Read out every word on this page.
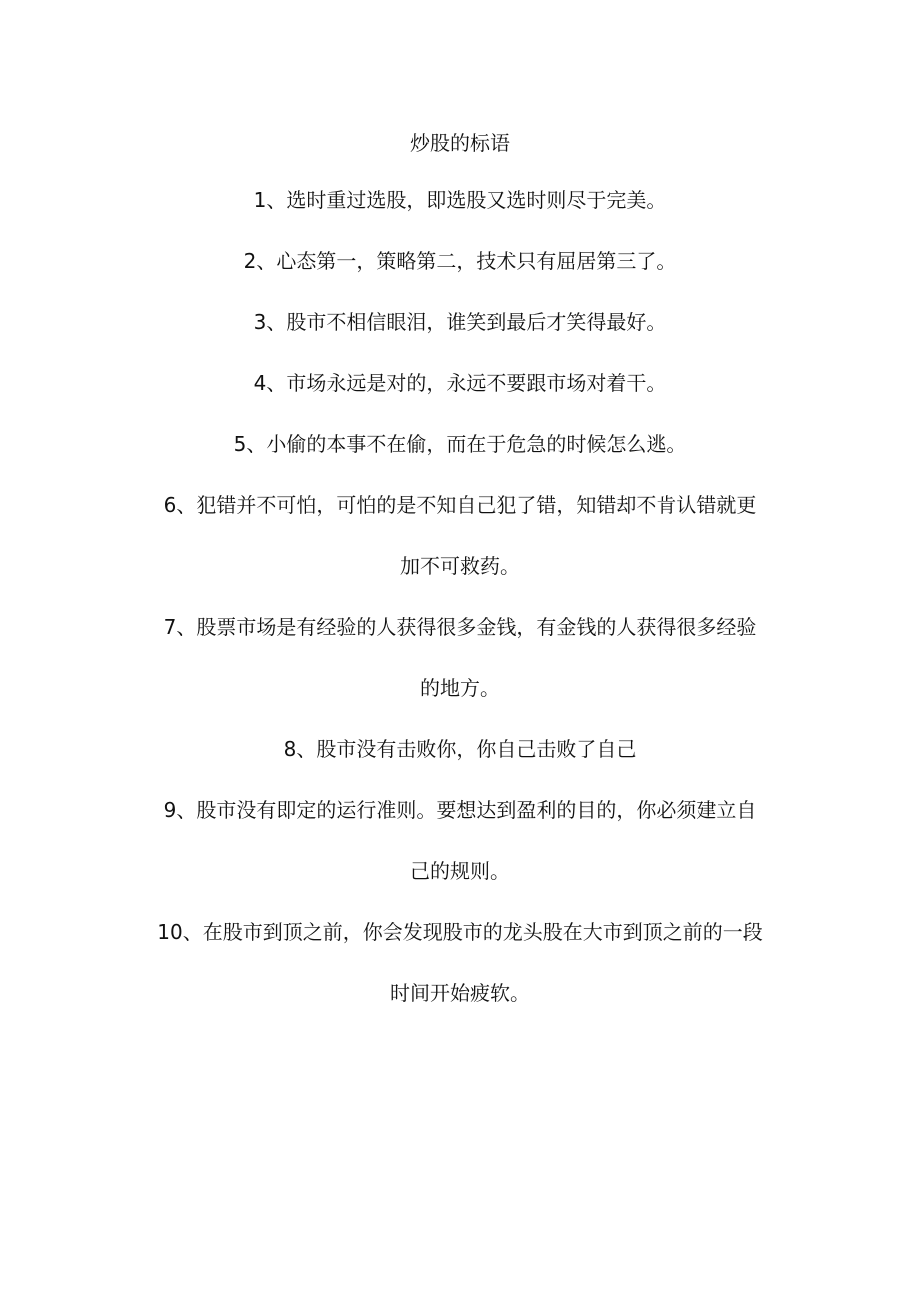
炒股的标语
1、选时重过选股，即选股又选时则尽于完美。
2、心态第一，策略第二，技术只有屈居第三了。
3、股市不相信眼泪，谁笑到最后才笑得最好。
4、市场永远是对的，永远不要跟市场对着干。
5、小偷的本事不在偷，而在于危急的时候怎么逃。
6、犯错并不可怕，可怕的是不知自己犯了错，知错却不肯认错就更
加不可救药。
7、股票市场是有经验的人获得很多金钱，有金钱的人获得很多经验
的地方。
8、股市没有击败你，你自己击败了自己
9、股市没有即定的运行准则。要想达到盈利的目的，你必须建立自
己的规则。
10、在股市到顶之前，你会发现股市的龙头股在大市到顶之前的一段
时间开始疲软。
